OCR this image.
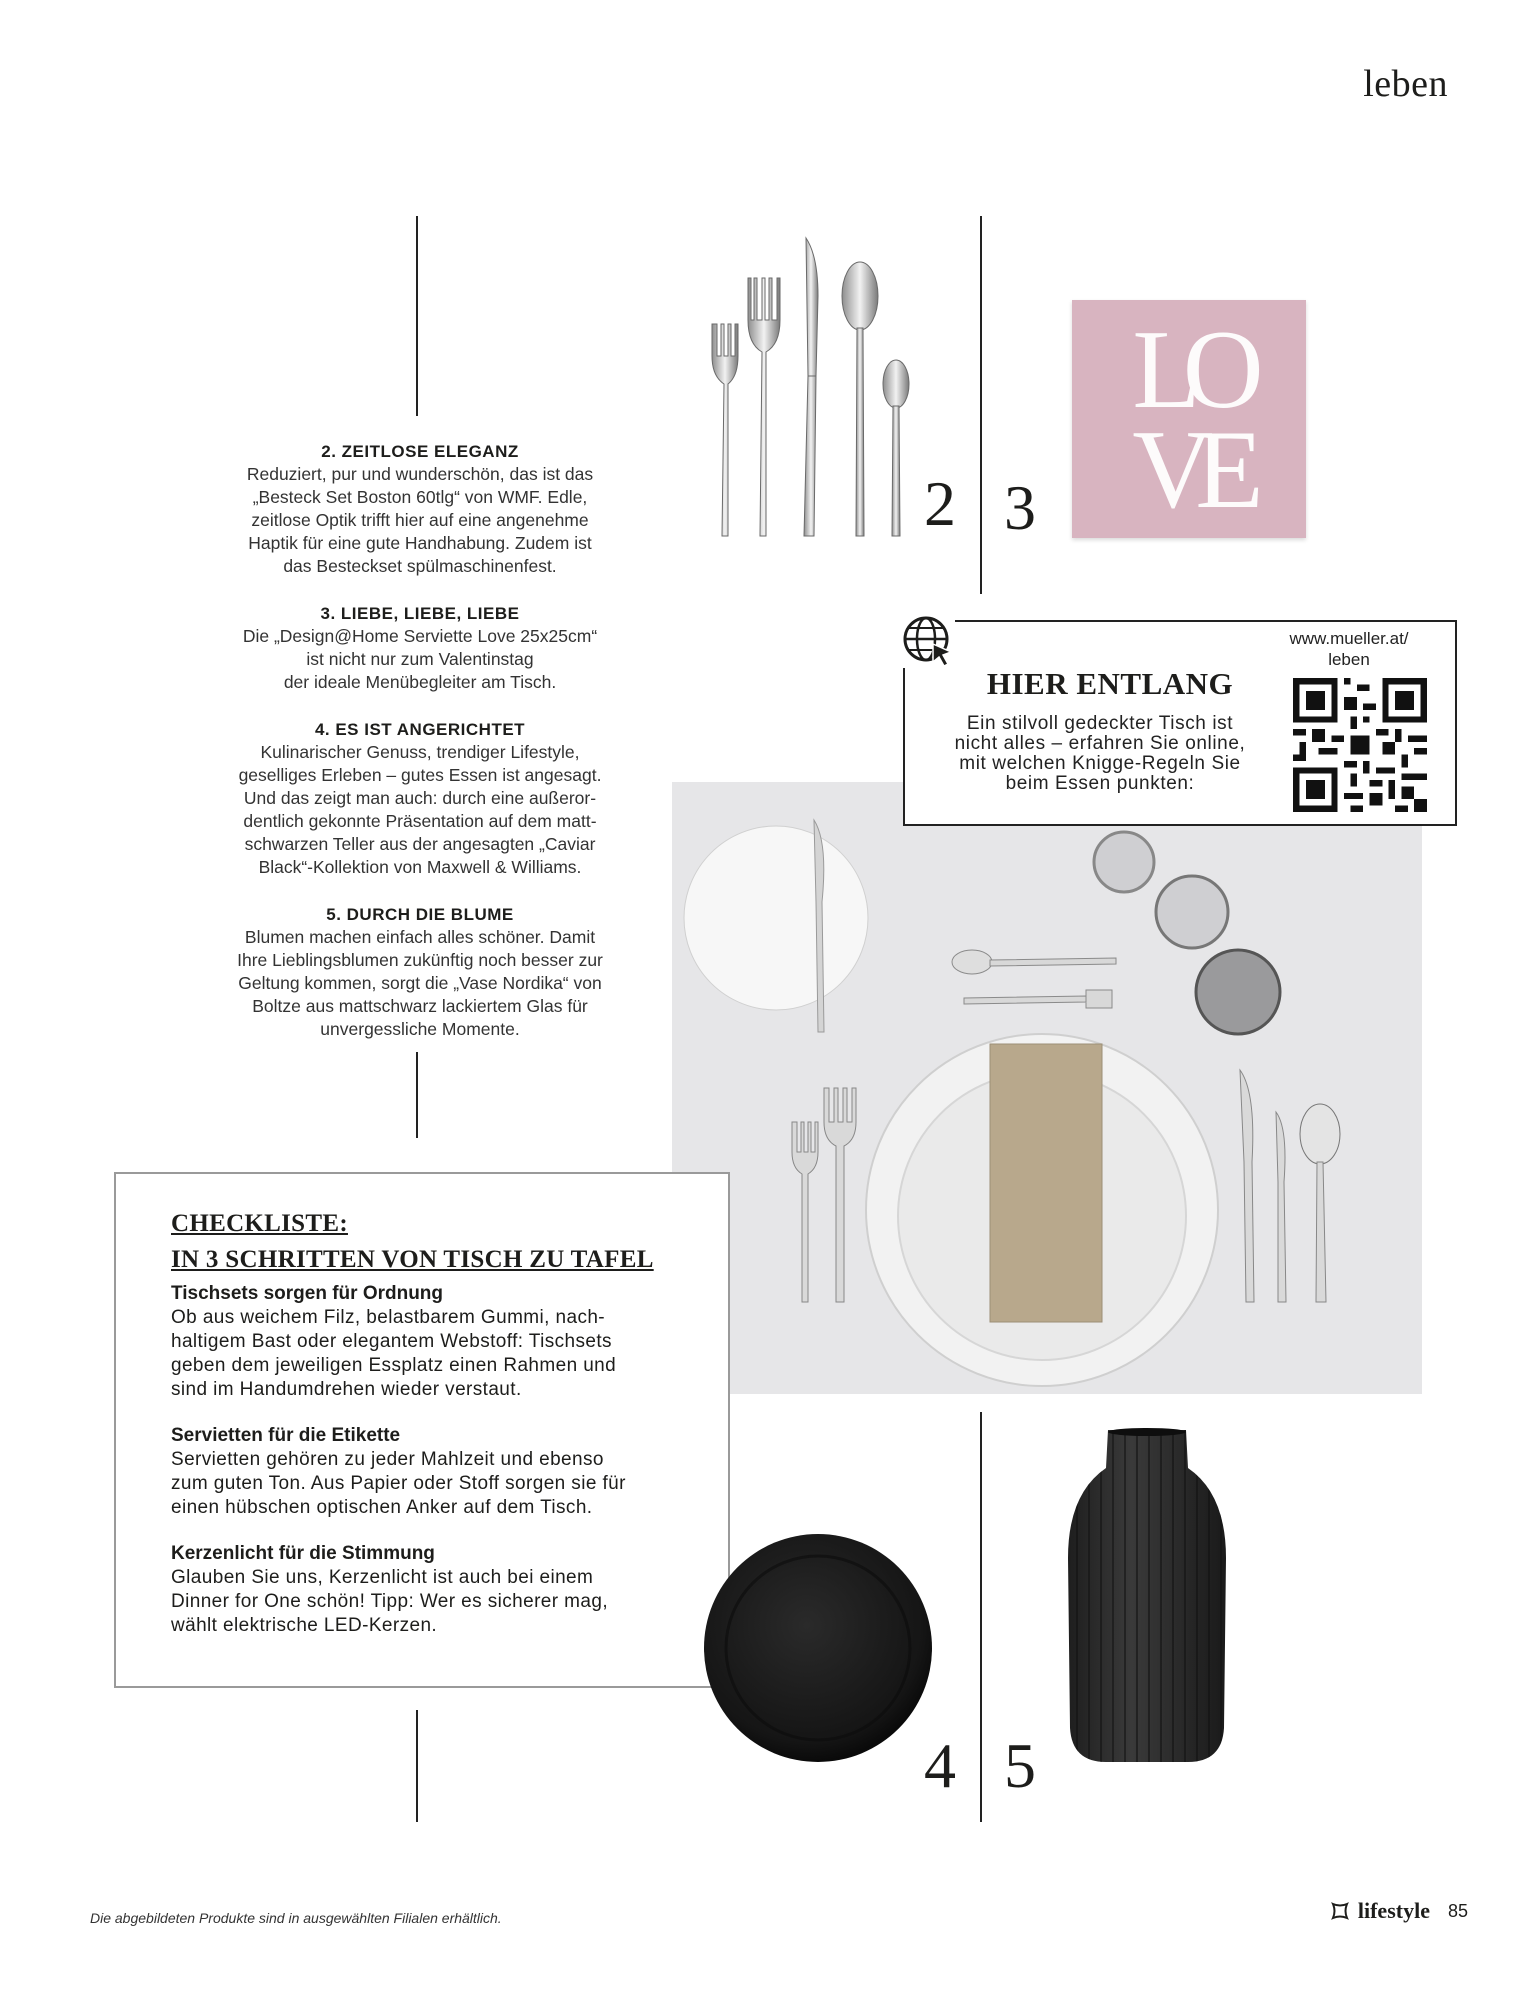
leben
2. ZEITLOSE ELEGANZ
Reduziert, pur und wunderschön, das ist das
„Besteck Set Boston 60tlg“ von WMF. Edle,
zeitlose Optik trifft hier auf eine angenehme
Haptik für eine gute Handhabung. Zudem ist
das Besteckset spülmaschinenfest.
3. LIEBE, LIEBE, LIEBE
Die „Design@Home Serviette Love 25x25cm“
ist nicht nur zum Valentinstag
der ideale Menübegleiter am Tisch.
4. ES IST ANGERICHTET
Kulinarischer Genuss, trendiger Lifestyle,
geselliges Erleben – gutes Essen ist angesagt.
Und das zeigt man auch: durch eine außeror-
dentlich gekonnte Präsentation auf dem matt-
schwarzen Teller aus der angesagten „Caviar
Black“-Kollektion von Maxwell & Williams.
5. DURCH DIE BLUME
Blumen machen einfach alles schöner. Damit
Ihre Lieblingsblumen zukünftig noch besser zur
Geltung kommen, sorgt die „Vase Nordika“ von
Boltze aus mattschwarz lackiertem Glas für
unvergessliche Momente.
2 3
LOVE
HIER ENTLANG
Ein stilvoll gedeckter Tisch ist
nicht alles – erfahren Sie online,
mit welchen Knigge-Regeln Sie
beim Essen punkten:
www.mueller.at/
leben
CHECKLISTE:
IN 3 SCHRITTEN VON TISCH ZU TAFEL
Tischsets sorgen für Ordnung
Ob aus weichem Filz, belastbarem Gummi, nach-
haltigem Bast oder elegantem Webstoff: Tischsets
geben dem jeweiligen Essplatz einen Rahmen und
sind im Handumdrehen wieder verstaut.
Servietten für die Etikette
Servietten gehören zu jeder Mahlzeit und ebenso
zum guten Ton. Aus Papier oder Stoff sorgen sie für
einen hübschen optischen Anker auf dem Tisch.
Kerzenlicht für die Stimmung
Glauben Sie uns, Kerzenlicht ist auch bei einem
Dinner for One schön! Tipp: Wer es sicherer mag,
wählt elektrische LED-Kerzen.
4 5
Die abgebildeten Produkte sind in ausgewählten Filialen erhältlich.	lifestyle 85
